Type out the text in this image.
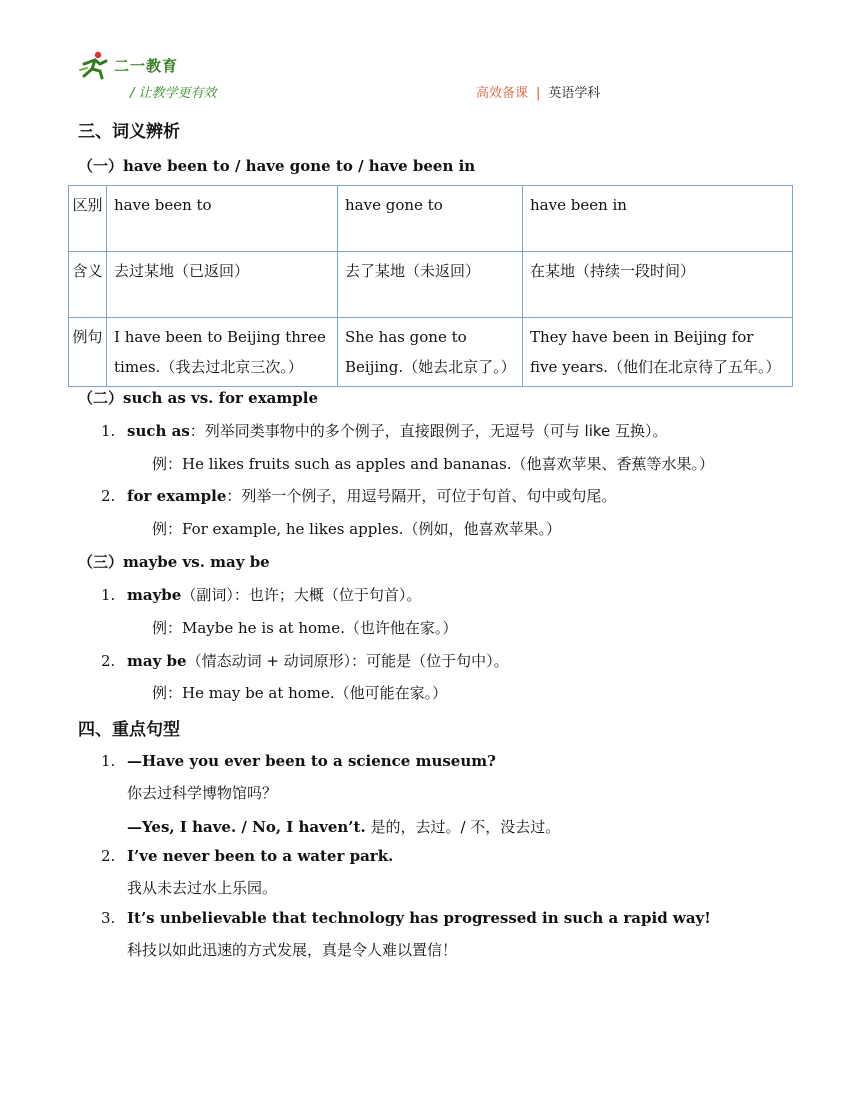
二一教育
/ 让教学更有效	高效备课 | 英语学科
三、词义辨析
（一）have been to / have gone to / have been in
区别	have been to	have gone to	have been in
含义	去过某地（已返回）	去了某地（未返回）	在某地（持续一段时间）
例句	I have been to Beijing three times.（我去过北京三次。）	She has gone to Beijing.（她去北京了。）	They have been in Beijing for five years.（他们在北京待了五年。）
（二）such as vs. for example
1. such as：列举同类事物中的多个例子，直接跟例子，无逗号（可与 like 互换）。
例：He likes fruits such as apples and bananas.（他喜欢苹果、香蕉等水果。）
2. for example：列举一个例子，用逗号隔开，可位于句首、句中或句尾。
例：For example, he likes apples.（例如，他喜欢苹果。）
（三）maybe vs. may be
1. maybe（副词）：也许；大概（位于句首）。
例：Maybe he is at home.（也许他在家。）
2. may be（情态动词 + 动词原形）：可能是（位于句中）。
例：He may be at home.（他可能在家。）
四、重点句型
1. —Have you ever been to a science museum?
你去过科学博物馆吗？
—Yes, I have. / No, I haven’t. 是的，去过。/ 不，没去过。
2. I’ve never been to a water park.
我从未去过水上乐园。
3. It’s unbelievable that technology has progressed in such a rapid way!
科技以如此迅速的方式发展，真是令人难以置信！
